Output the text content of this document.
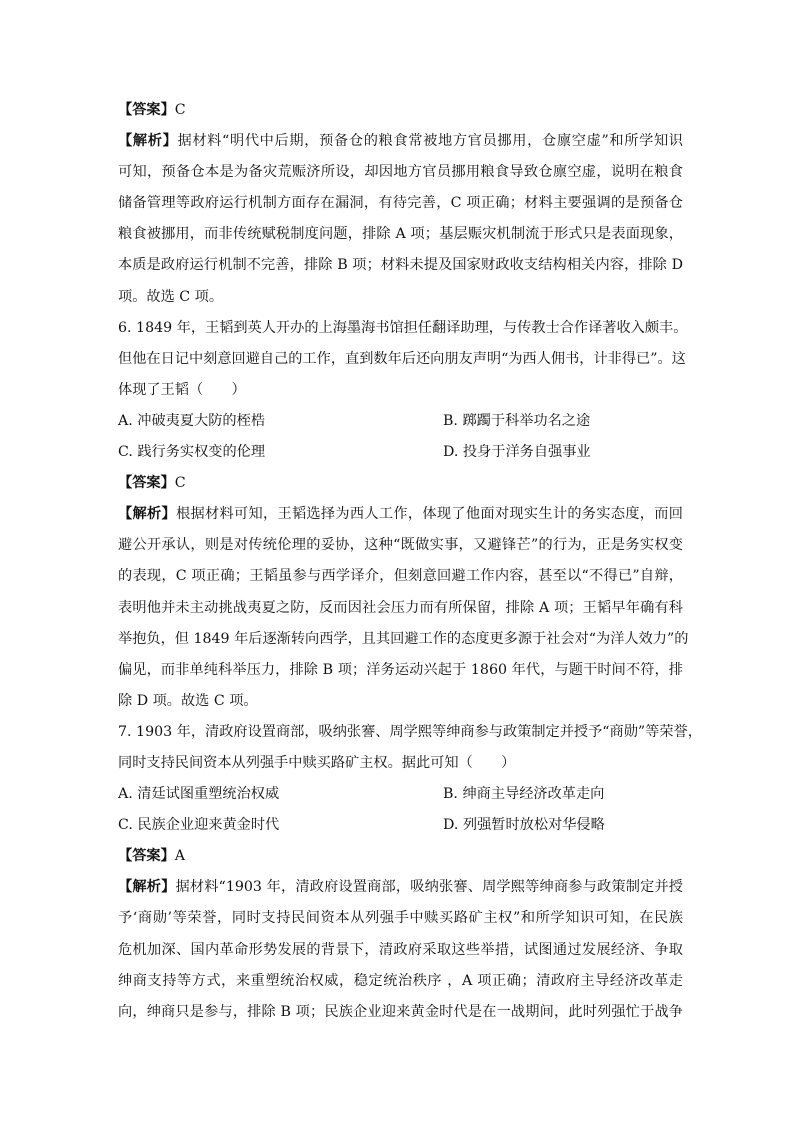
【答案】C
【解析】据材料“明代中后期，预备仓的粮食常被地方官员挪用，仓廪空虚”和所学知识
可知，预备仓本是为备灾荒赈济所设，却因地方官员挪用粮食导致仓廪空虚，说明在粮食
储备管理等政府运行机制方面存在漏洞，有待完善，C 项正确；材料主要强调的是预备仓
粮食被挪用，而非传统赋税制度问题，排除 A 项；基层赈灾机制流于形式只是表面现象，
本质是政府运行机制不完善，排除 B 项；材料未提及国家财政收支结构相关内容，排除 D
项。故选 C 项。
6. 1849 年，王韬到英人开办的上海墨海书馆担任翻译助理，与传教士合作译著收入颇丰。
但他在日记中刻意回避自己的工作，直到数年后还向朋友声明“为西人佣书，计非得已”。这
体现了王韬（　　）
A. 冲破夷夏大防的桎梏	B. 踯躅于科举功名之途
C. 践行务实权变的伦理	D. 投身于洋务自强事业
【答案】C
【解析】根据材料可知，王韬选择为西人工作，体现了他面对现实生计的务实态度，而回
避公开承认，则是对传统伦理的妥协，这种“既做实事，又避锋芒”的行为，正是务实权变
的表现，C 项正确；王韬虽参与西学译介，但刻意回避工作内容，甚至以“不得已”自辩，
表明他并未主动挑战夷夏之防，反而因社会压力而有所保留，排除 A 项；王韬早年确有科
举抱负，但 1849 年后逐渐转向西学，且其回避工作的态度更多源于社会对“为洋人效力”的
偏见，而非单纯科举压力，排除 B 项；洋务运动兴起于 1860 年代，与题干时间不符，排
除 D 项。故选 C 项。
7. 1903 年，清政府设置商部，吸纳张謇、周学熙等绅商参与政策制定并授予“商勋”等荣誉，
同时支持民间资本从列强手中赎买路矿主权。据此可知（　　）
A. 清廷试图重塑统治权威	B. 绅商主导经济改革走向
C. 民族企业迎来黄金时代	D. 列强暂时放松对华侵略
【答案】A
【解析】据材料“1903 年，清政府设置商部，吸纳张謇、周学熙等绅商参与政策制定并授
予‘商勋’等荣誉，同时支持民间资本从列强手中赎买路矿主权”和所学知识可知，在民族
危机加深、国内革命形势发展的背景下，清政府采取这些举措，试图通过发展经济、争取
绅商支持等方式，来重塑统治权威，稳定统治秩序 ，A 项正确；清政府主导经济改革走
向，绅商只是参与，排除 B 项；民族企业迎来黄金时代是在一战期间，此时列强忙于战争
